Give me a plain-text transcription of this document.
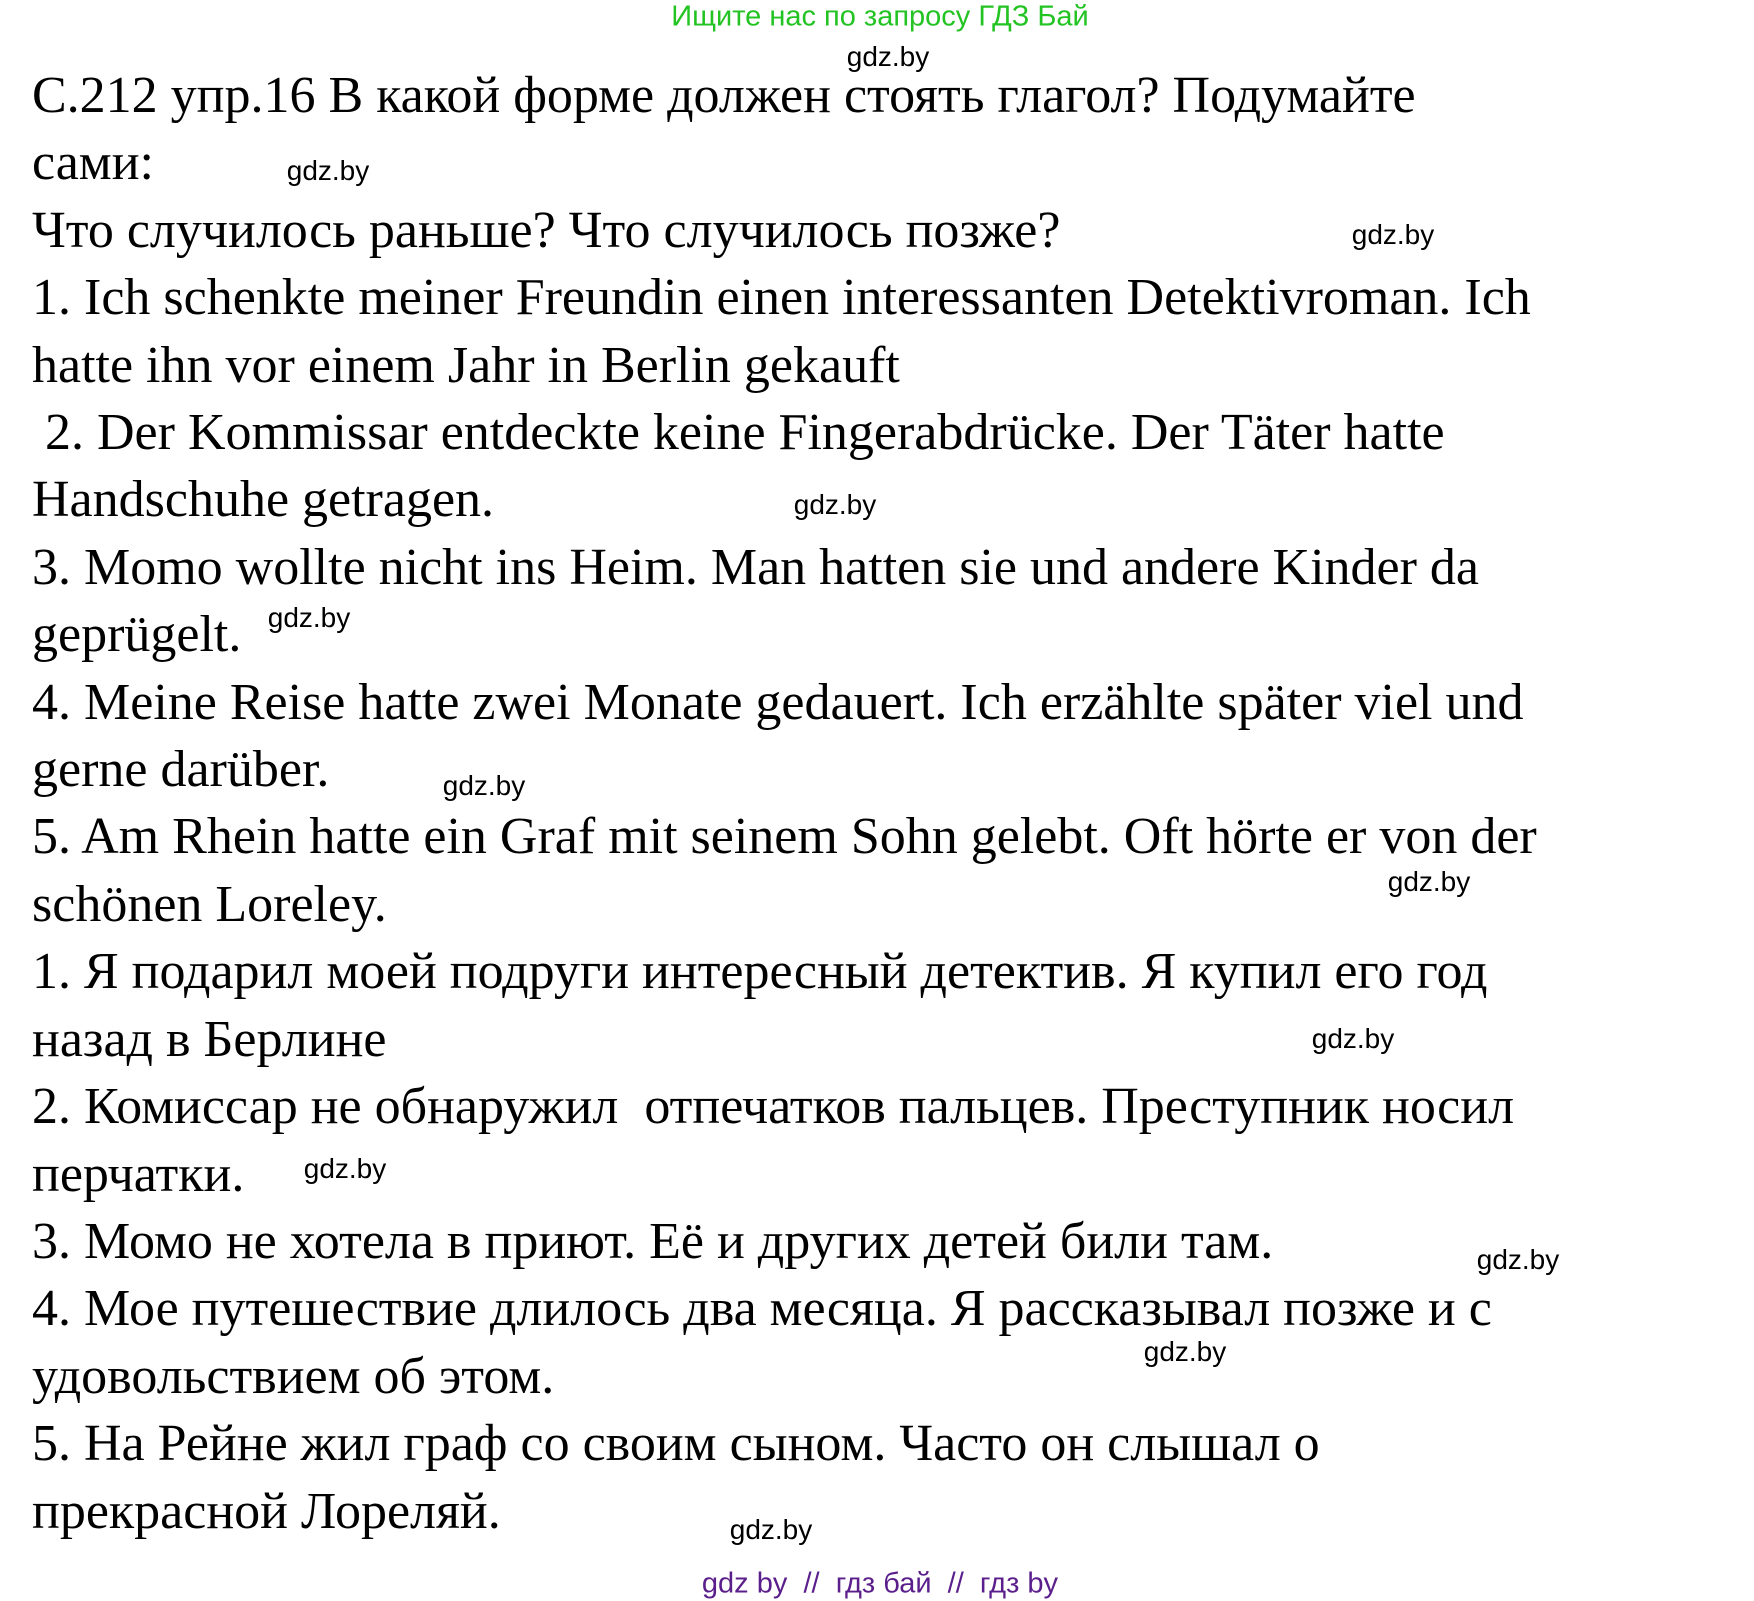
Ищите нас по запросу ГДЗ Бай
С.212 упр.16 В какой форме должен стоять глагол? Подумайте
сами:
Что случилось раньше? Что случилось позже?
1. Ich schenkte meiner Freundin einen interessanten Detektivroman. Ich
hatte ihn vor einem Jahr in Berlin gekauft
2. Der Kommissar entdeckte keine Fingerabdrücke. Der Täter hatte
Handschuhe getragen.
3. Momo wollte nicht ins Heim. Man hatten sie und andere Kinder da
geprügelt.
4. Meine Reise hatte zwei Monate gedauert. Ich erzählte später viel und
gerne darüber.
5. Am Rhein hatte ein Graf mit seinem Sohn gelebt. Oft hörte er von der
schönen Loreley.
1. Я подарил моей подруги интересный детектив. Я купил его год
назад в Берлине
2. Комиссар не обнаружил  отпечатков пальцев. Преступник носил
перчатки.
3. Момо не хотела в приют. Её и других детей били там.
4. Мое путешествие длилось два месяца. Я рассказывал позже и с
удовольствием об этом.
5. На Рейне жил граф со своим сыном. Часто он слышал о
прекрасной Лореляй.
gdz.by
gdz.by
gdz.by
gdz.by
gdz.by
gdz.by
gdz.by
gdz.by
gdz.by
gdz.by
gdz.by
gdz.by
gdz by  //  гдз бай  //  гдз by
